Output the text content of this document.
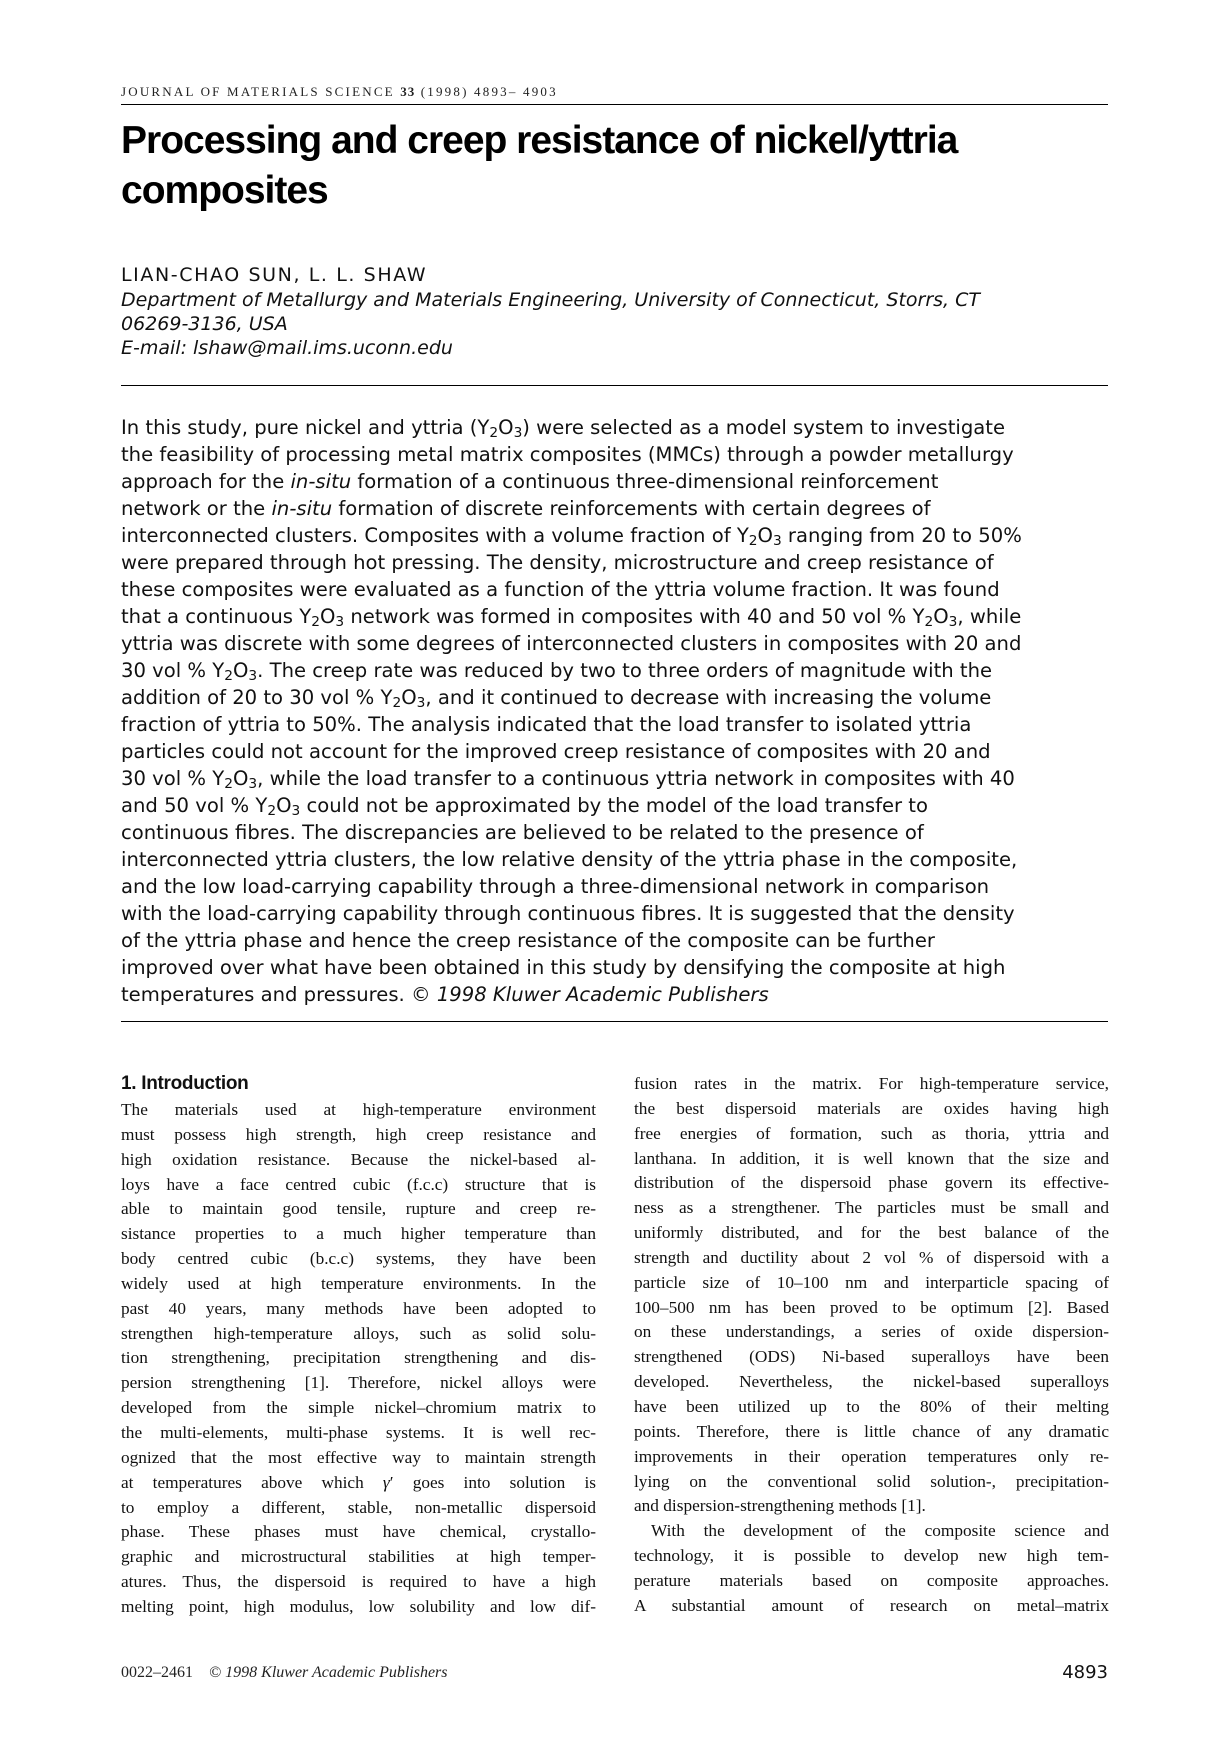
JOURNAL OF MATERIALS SCIENCE 33 (1998) 4893– 4903
Processing and creep resistance of nickel/yttria
composites
LIAN-CHAO SUN, L. L. SHAW
Department of Metallurgy and Materials Engineering, University of Connecticut, Storrs, CT
06269-3136, USA
E-mail: lshaw@mail.ims.uconn.edu
In this study, pure nickel and yttria $(Y_2O_3)$ were selected as a model system to investigate
the feasibility of processing metal matrix composites (MMCs) through a powder metallurgy
approach for the in-situ formation of a continuous three-dimensional reinforcement
network or the in-situ formation of discrete reinforcements with certain degrees of
interconnected clusters. Composites with a volume fraction of $Y_2O_3$ ranging from 20 to 50%
were prepared through hot pressing. The density, microstructure and creep resistance of
these composites were evaluated as a function of the yttria volume fraction. It was found
that a continuous $Y_2O_3$ network was formed in composites with 40 and 50 vol % $Y_2O_3$, while
yttria was discrete with some degrees of interconnected clusters in composites with 20 and
30 vol % $Y_2O_3$. The creep rate was reduced by two to three orders of magnitude with the
addition of 20 to 30 vol % $Y_2O_3$, and it continued to decrease with increasing the volume
fraction of yttria to 50%. The analysis indicated that the load transfer to isolated yttria
particles could not account for the improved creep resistance of composites with 20 and
30 vol % $Y_2O_3$, while the load transfer to a continuous yttria network in composites with 40
and 50 vol % $Y_2O_3$ could not be approximated by the model of the load transfer to
continuous fibres. The discrepancies are believed to be related to the presence of
interconnected yttria clusters, the low relative density of the yttria phase in the composite,
and the low load-carrying capability through a three-dimensional network in comparison
with the load-carrying capability through continuous fibres. It is suggested that the density
of the yttria phase and hence the creep resistance of the composite can be further
improved over what have been obtained in this study by densifying the composite at high
temperatures and pressures. © 1998 Kluwer Academic Publishers
1. Introduction
The materials used at high-temperature environment
must possess high strength, high creep resistance and
high oxidation resistance. Because the nickel-based al-
loys have a face centred cubic (f.c.c) structure that is
able to maintain good tensile, rupture and creep re-
sistance properties to a much higher temperature than
body centred cubic (b.c.c) systems, they have been
widely used at high temperature environments. In the
past 40 years, many methods have been adopted to
strengthen high-temperature alloys, such as solid solu-
tion strengthening, precipitation strengthening and dis-
persion strengthening [1]. Therefore, nickel alloys were
developed from the simple nickel–chromium matrix to
the multi-elements, multi-phase systems. It is well rec-
ognized that the most effective way to maintain strength
at temperatures above which γ′ goes into solution is
to employ a different, stable, non-metallic dispersoid
phase. These phases must have chemical, crystallo-
graphic and microstructural stabilities at high temper-
atures. Thus, the dispersoid is required to have a high
melting point, high modulus, low solubility and low dif-
fusion rates in the matrix. For high-temperature service,
the best dispersoid materials are oxides having high
free energies of formation, such as thoria, yttria and
lanthana. In addition, it is well known that the size and
distribution of the dispersoid phase govern its effective-
ness as a strengthener. The particles must be small and
uniformly distributed, and for the best balance of the
strength and ductility about 2 vol % of dispersoid with a
particle size of 10–100 nm and interparticle spacing of
100–500 nm has been proved to be optimum [2]. Based
on these understandings, a series of oxide dispersion-
strengthened (ODS) Ni-based superalloys have been
developed. Nevertheless, the nickel-based superalloys
have been utilized up to the 80% of their melting
points. Therefore, there is little chance of any dramatic
improvements in their operation temperatures only re-
lying on the conventional solid solution-, precipitation-
and dispersion-strengthening methods [1].
With the development of the composite science and
technology, it is possible to develop new high tem-
perature materials based on composite approaches.
A substantial amount of research on metal–matrix
0022–2461 © 1998 Kluwer Academic Publishers	4893
